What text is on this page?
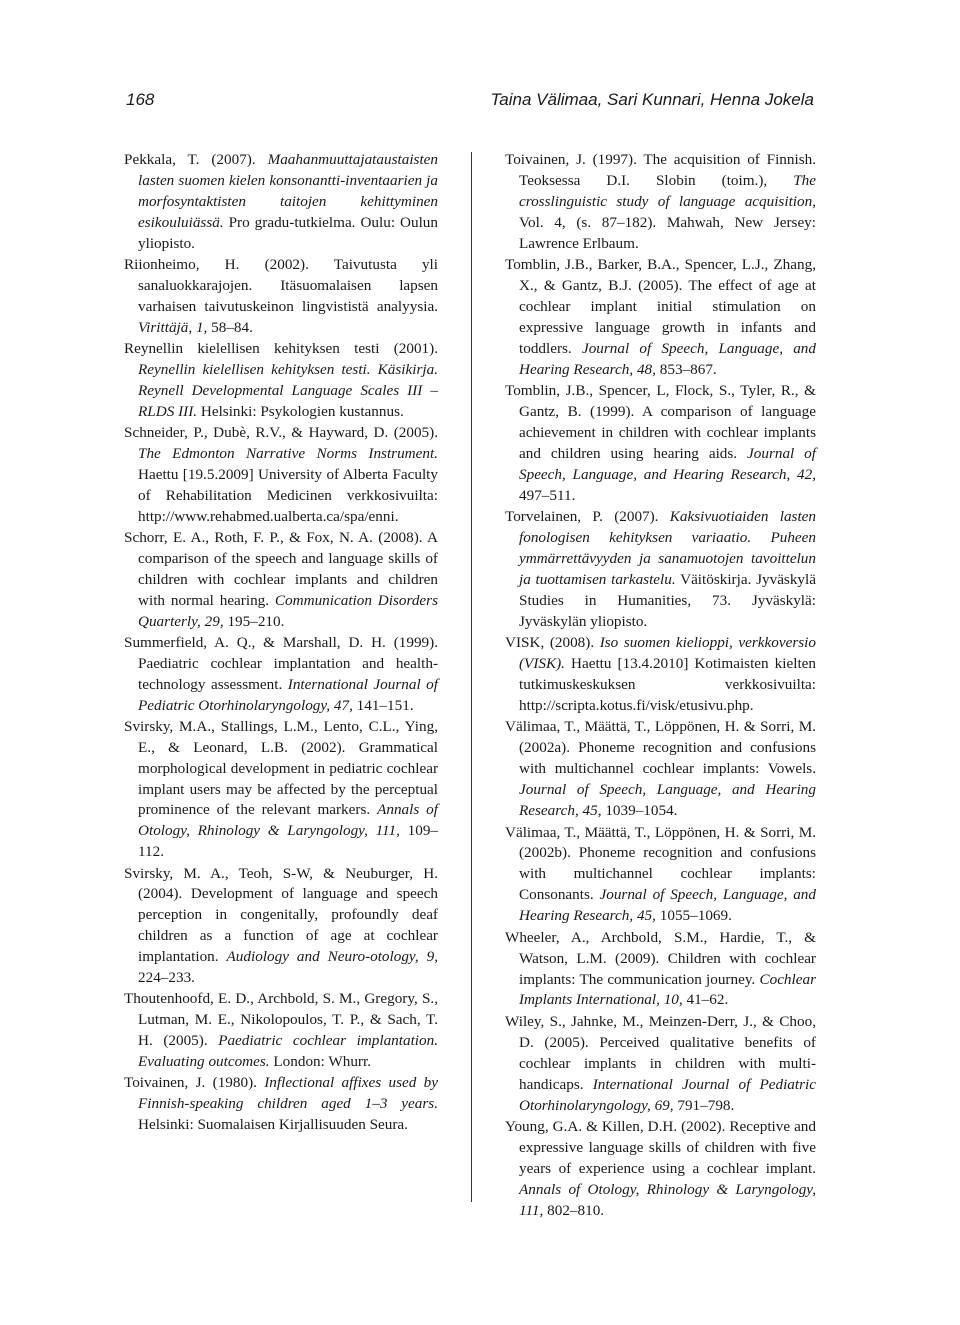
168	Taina Välimaa, Sari Kunnari, Henna Jokela

Pekkala, T. (2007). Maahanmuuttajataustaisten lasten suomen kielen konsonantti-inventaarien ja morfosyntaktisten taitojen kehittyminen esikouluiässä. Pro gradu-tutkielma. Oulu: Oulun yliopisto.

Riionheimo, H. (2002). Taivutusta yli sanaluokkarajojen. Itäsuomalaisen lapsen varhaisen taivutuskeinon lingvististä analyysia. Virittäjä, 1, 58–84.

Reynellin kielellisen kehityksen testi (2001). Reynellin kielellisen kehityksen testi. Käsikirja. Reynell Developmental Language Scales III – RLDS III. Helsinki: Psykologien kustannus.

Schneider, P., Dubè, R.V., & Hayward, D. (2005). The Edmonton Narrative Norms Instrument. Haettu [19.5.2009] University of Alberta Faculty of Rehabilitation Medicinen verkkosivuilta: http://www.rehabmed.ualberta.ca/spa/enni.

Schorr, E. A., Roth, F. P., & Fox, N. A. (2008). A comparison of the speech and language skills of children with cochlear implants and children with normal hearing. Communication Disorders Quarterly, 29, 195–210.

Summerfield, A. Q., & Marshall, D. H. (1999). Paediatric cochlear implantation and health-technology assessment. International Journal of Pediatric Otorhinolaryngology, 47, 141–151.

Svirsky, M.A., Stallings, L.M., Lento, C.L., Ying, E., & Leonard, L.B. (2002). Grammatical morphological development in pediatric cochlear implant users may be affected by the perceptual prominence of the relevant markers. Annals of Otology, Rhinology & Laryngology, 111, 109–112.

Svirsky, M. A., Teoh, S-W, & Neuburger, H. (2004). Development of language and speech perception in congenitally, profoundly deaf children as a function of age at cochlear implantation. Audiology and Neuro-otology, 9, 224–233.

Thoutenhoofd, E. D., Archbold, S. M., Gregory, S., Lutman, M. E., Nikolopoulos, T. P., & Sach, T. H. (2005). Paediatric cochlear implantation. Evaluating outcomes. London: Whurr.

Toivainen, J. (1980). Inflectional affixes used by Finnish-speaking children aged 1–3 years. Helsinki: Suomalaisen Kirjallisuuden Seura.

Toivainen, J. (1997). The acquisition of Finnish. Teoksessa D.I. Slobin (toim.), The crosslinguistic study of language acquisition, Vol. 4, (s. 87–182). Mahwah, New Jersey: Lawrence Erlbaum.

Tomblin, J.B., Barker, B.A., Spencer, L.J., Zhang, X., & Gantz, B.J. (2005). The effect of age at cochlear implant initial stimulation on expressive language growth in infants and toddlers. Journal of Speech, Language, and Hearing Research, 48, 853–867.

Tomblin, J.B., Spencer, L, Flock, S., Tyler, R., & Gantz, B. (1999). A comparison of language achievement in children with cochlear implants and children using hearing aids. Journal of Speech, Language, and Hearing Research, 42, 497–511.

Torvelainen, P. (2007). Kaksivuotiaiden lasten fonologisen kehityksen variaatio. Puheen ymmärrettävyyden ja sanamuotojen tavoittelun ja tuottamisen tarkastelu. Väitöskirja. Jyväskylä Studies in Humanities, 73. Jyväskylä: Jyväskylän yliopisto.

VISK, (2008). Iso suomen kielioppi, verkkoversio (VISK). Haettu [13.4.2010] Kotimaisten kielten tutkimuskeskuksen verkkosivuilta: http://scripta.kotus.fi/visk/etusivu.php.

Välimaa, T., Määttä, T., Löppönen, H. & Sorri, M. (2002a). Phoneme recognition and confusions with multichannel cochlear implants: Vowels. Journal of Speech, Language, and Hearing Research, 45, 1039–1054.

Välimaa, T., Määttä, T., Löppönen, H. & Sorri, M. (2002b). Phoneme recognition and confusions with multichannel cochlear implants: Consonants. Journal of Speech, Language, and Hearing Research, 45, 1055–1069.

Wheeler, A., Archbold, S.M., Hardie, T., & Watson, L.M. (2009). Children with cochlear implants: The communication journey. Cochlear Implants International, 10, 41–62.

Wiley, S., Jahnke, M., Meinzen-Derr, J., & Choo, D. (2005). Perceived qualitative benefits of cochlear implants in children with multi-handicaps. International Journal of Pediatric Otorhinolaryngology, 69, 791–798.

Young, G.A. & Killen, D.H. (2002). Receptive and expressive language skills of children with five years of experience using a cochlear implant. Annals of Otology, Rhinology & Laryngology, 111, 802–810.
